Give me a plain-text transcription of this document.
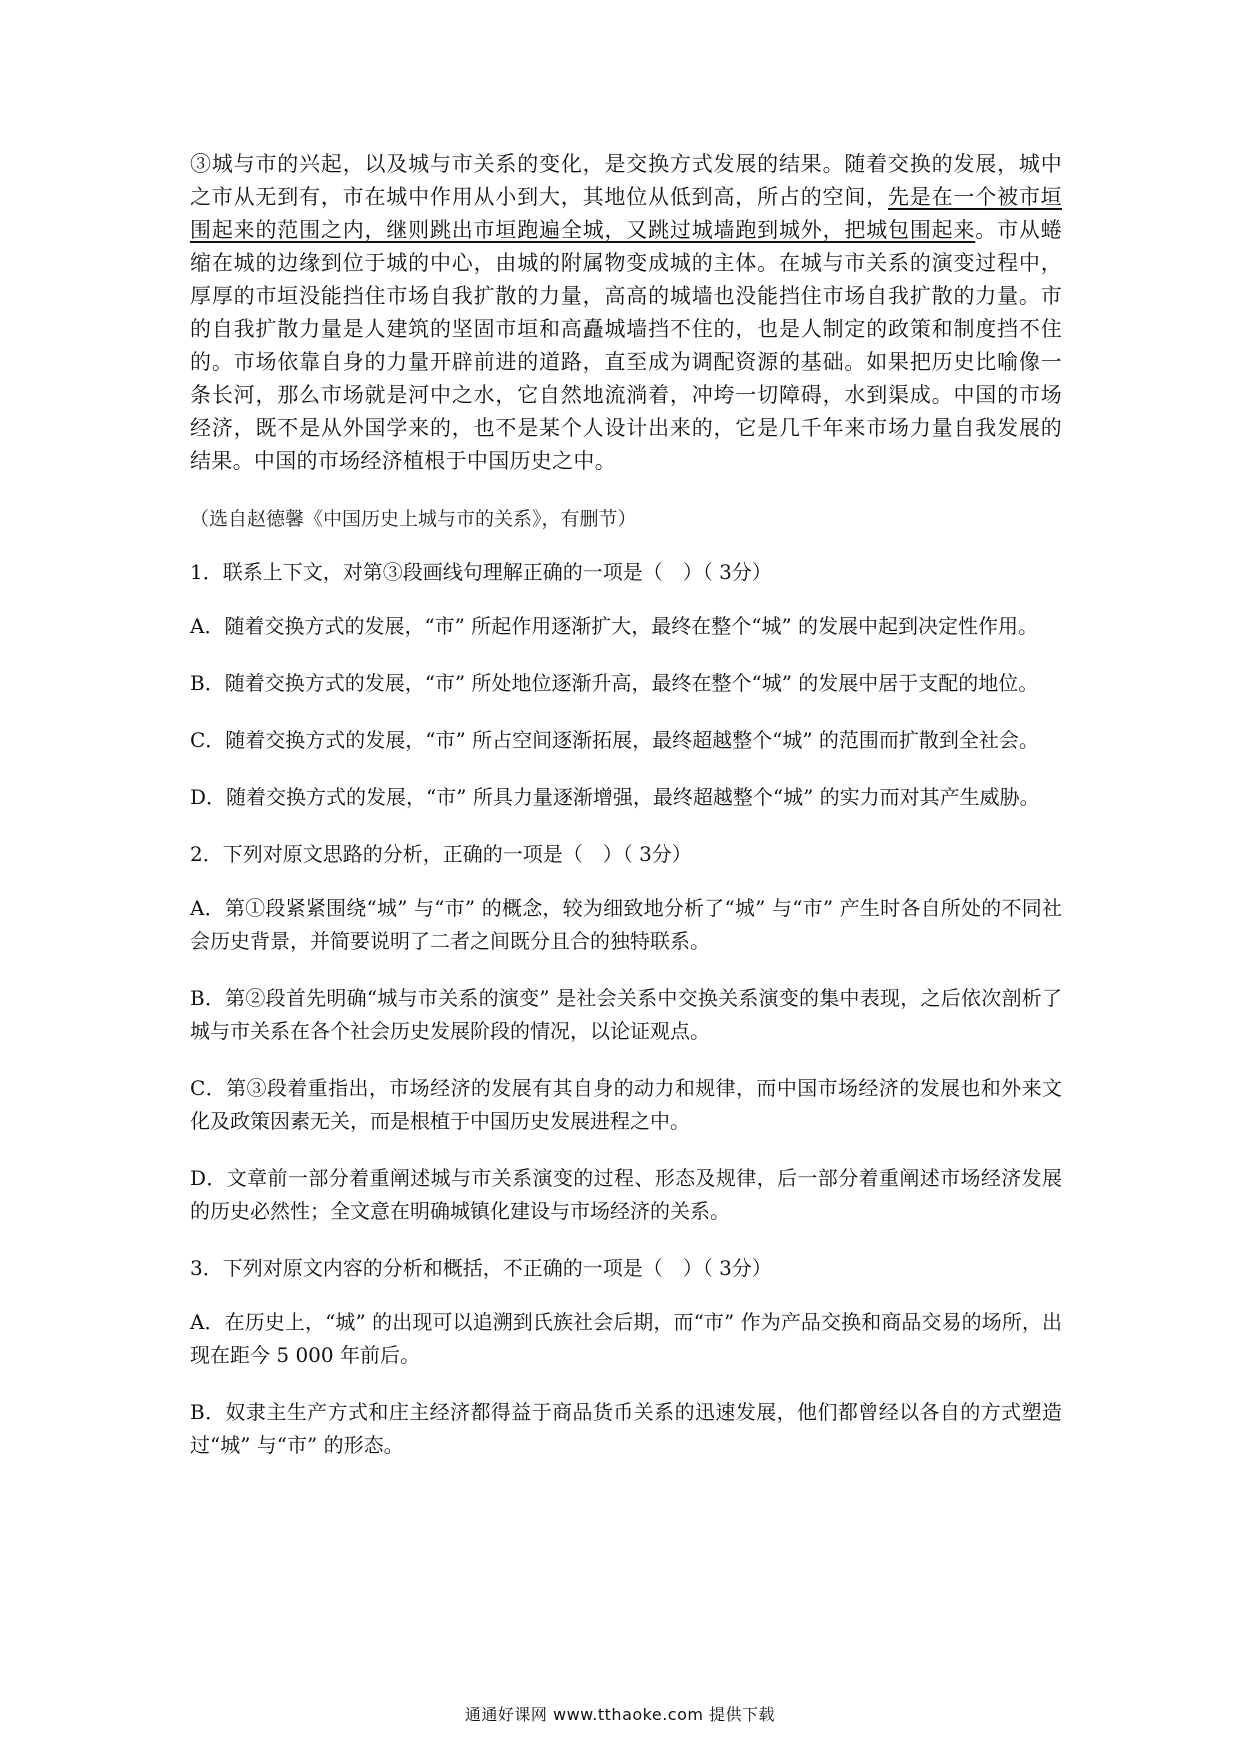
③城与市的兴起，以及城与市关系的变化，是交换方式发展的结果。随着交换的发展，城中之市从无到有，市在城中作用从小到大，其地位从低到高，所占的空间，先是在一个被市垣围起来的范围之内，继则跳出市垣跑遍全城，又跳过城墙跑到城外，把城包围起来。市从蜷缩在城的边缘到位于城的中心，由城的附属物变成城的主体。在城与市关系的演变过程中，厚厚的市垣没能挡住市场自我扩散的力量，高高的城墙也没能挡住市场自我扩散的力量。市的自我扩散力量是人建筑的坚固市垣和高矗城墙挡不住的，也是人制定的政策和制度挡不住的。市场依靠自身的力量开辟前进的道路，直至成为调配资源的基础。如果把历史比喻像一条长河，那么市场就是河中之水，它自然地流淌着，冲垮一切障碍，水到渠成。中国的市场经济，既不是从外国学来的，也不是某个人设计出来的，它是几千年来市场力量自我发展的结果。中国的市场经济植根于中国历史之中。

（选自赵德馨《中国历史上城与市的关系》，有删节）

1．联系上下文，对第③段画线句理解正确的一项是（　）（ 3分）

A．随着交换方式的发展，“市” 所起作用逐渐扩大，最终在整个“城” 的发展中起到决定性作用。

B．随着交换方式的发展，“市” 所处地位逐渐升高，最终在整个“城” 的发展中居于支配的地位。

C．随着交换方式的发展，“市” 所占空间逐渐拓展，最终超越整个“城” 的范围而扩散到全社会。

D．随着交换方式的发展，“市” 所具力量逐渐增强，最终超越整个“城” 的实力而对其产生威胁。

2．下列对原文思路的分析，正确的一项是（　）（ 3分）

A．第①段紧紧围绕“城” 与“市” 的概念，较为细致地分析了“城” 与“市” 产生时各自所处的不同社会历史背景，并简要说明了二者之间既分且合的独特联系。

B．第②段首先明确“城与市关系的演变” 是社会关系中交换关系演变的集中表现，之后依次剖析了城与市关系在各个社会历史发展阶段的情况，以论证观点。

C．第③段着重指出，市场经济的发展有其自身的动力和规律，而中国市场经济的发展也和外来文化及政策因素无关，而是根植于中国历史发展进程之中。

D．文章前一部分着重阐述城与市关系演变的过程、形态及规律，后一部分着重阐述市场经济发展的历史必然性；全文意在明确城镇化建设与市场经济的关系。

3．下列对原文内容的分析和概括，不正确的一项是（　）（ 3分）

A．在历史上，“城” 的出现可以追溯到氏族社会后期，而“市” 作为产品交换和商品交易的场所，出现在距今 5 000 年前后。

B．奴隶主生产方式和庄主经济都得益于商品货币关系的迅速发展，他们都曾经以各自的方式塑造过“城” 与“市” 的形态。

通通好课网 www.tthaoke.com 提供下载
